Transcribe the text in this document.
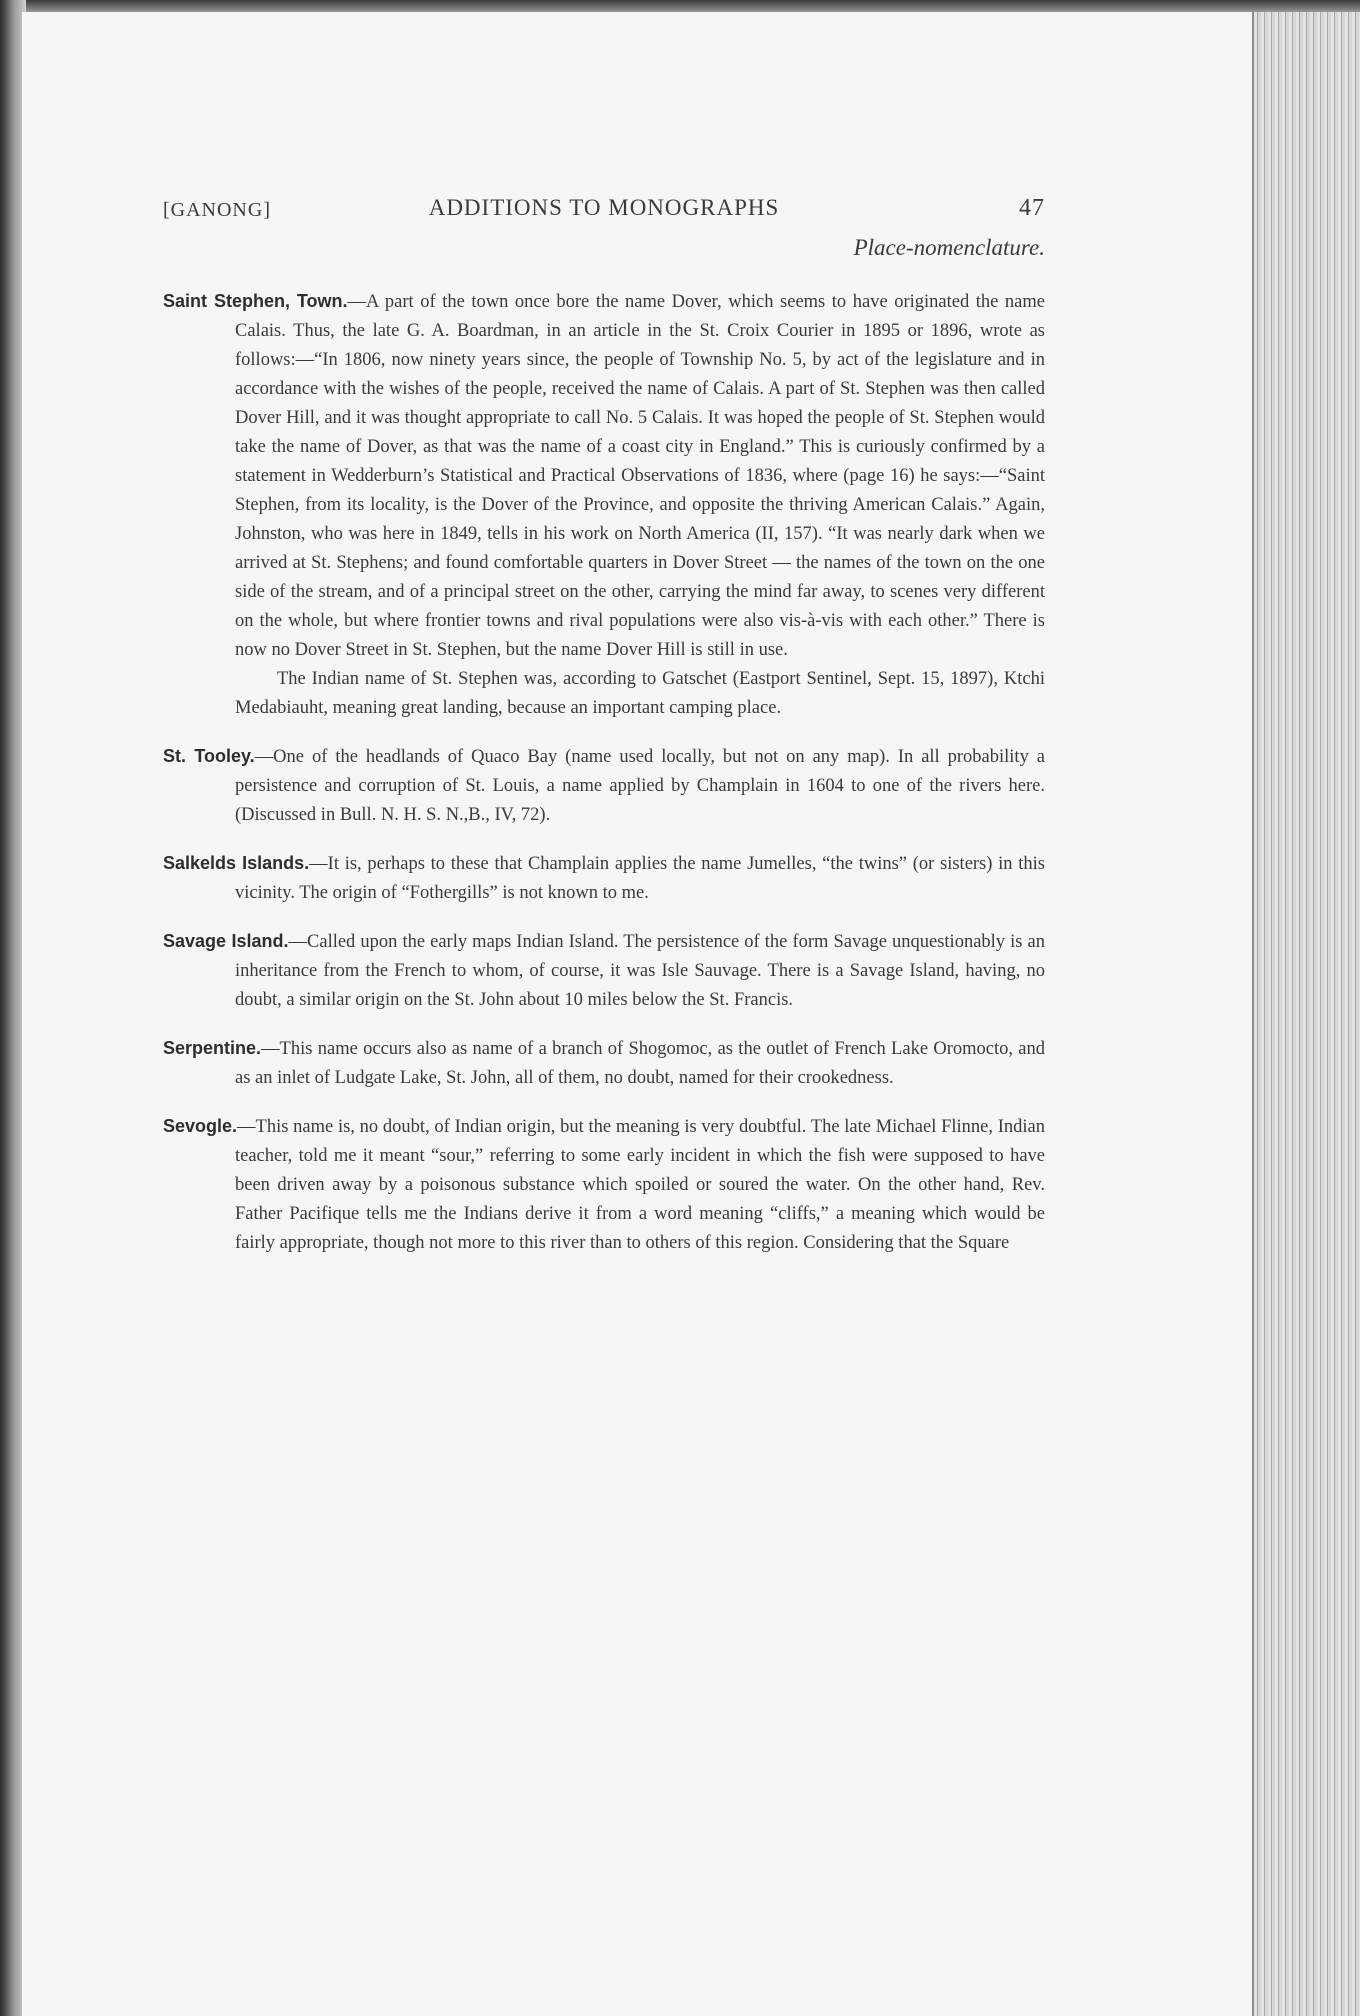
[GANONG]	ADDITIONS TO MONOGRAPHS	47
Place-nomenclature.

Saint Stephen, Town.—A part of the town once bore the name Dover, which seems to have originated the name Calais. Thus, the late G. A. Boardman, in an article in the St. Croix Courier in 1895 or 1896, wrote as follows:—“In 1806, now ninety years since, the people of Township No. 5, by act of the legislature and in accordance with the wishes of the people, received the name of Calais. A part of St. Stephen was then called Dover Hill, and it was thought appropriate to call No. 5 Calais. It was hoped the people of St. Stephen would take the name of Dover, as that was the name of a coast city in England.” This is curiously confirmed by a statement in Wedderburn’s Statistical and Practical Observations of 1836, where (page 16) he says:—“Saint Stephen, from its locality, is the Dover of the Province, and opposite the thriving American Calais.” Again, Johnston, who was here in 1849, tells in his work on North America (II, 157). “It was nearly dark when we arrived at St. Stephens; and found comfortable quarters in Dover Street — the names of the town on the one side of the stream, and of a principal street on the other, carrying the mind far away, to scenes very different on the whole, but where frontier towns and rival populations were also vis-à-vis with each other.” There is now no Dover Street in St. Stephen, but the name Dover Hill is still in use.

The Indian name of St. Stephen was, according to Gatschet (Eastport Sentinel, Sept. 15, 1897), Ktchi Medabiauht, meaning great landing, because an important camping place.

St. Tooley.—One of the headlands of Quaco Bay (name used locally, but not on any map). In all probability a persistence and corruption of St. Louis, a name applied by Champlain in 1604 to one of the rivers here. (Discussed in Bull. N. H. S. N.,B., IV, 72).

Salkelds Islands.—It is, perhaps to these that Champlain applies the name Jumelles, “the twins” (or sisters) in this vicinity. The origin of “Fothergills” is not known to me.

Savage Island.—Called upon the early maps Indian Island. The persistence of the form Savage unquestionably is an inheritance from the French to whom, of course, it was Isle Sauvage. There is a Savage Island, having, no doubt, a similar origin on the St. John about 10 miles below the St. Francis.

Serpentine.—This name occurs also as name of a branch of Shogomoc, as the outlet of French Lake Oromocto, and as an inlet of Ludgate Lake, St. John, all of them, no doubt, named for their crookedness.

Sevogle.—This name is, no doubt, of Indian origin, but the meaning is very doubtful. The late Michael Flinne, Indian teacher, told me it meant “sour,” referring to some early incident in which the fish were supposed to have been driven away by a poisonous substance which spoiled or soured the water. On the other hand, Rev. Father Pacifique tells me the Indians derive it from a word meaning “cliffs,” a meaning which would be fairly appropriate, though not more to this river than to others of this region. Considering that the Square
